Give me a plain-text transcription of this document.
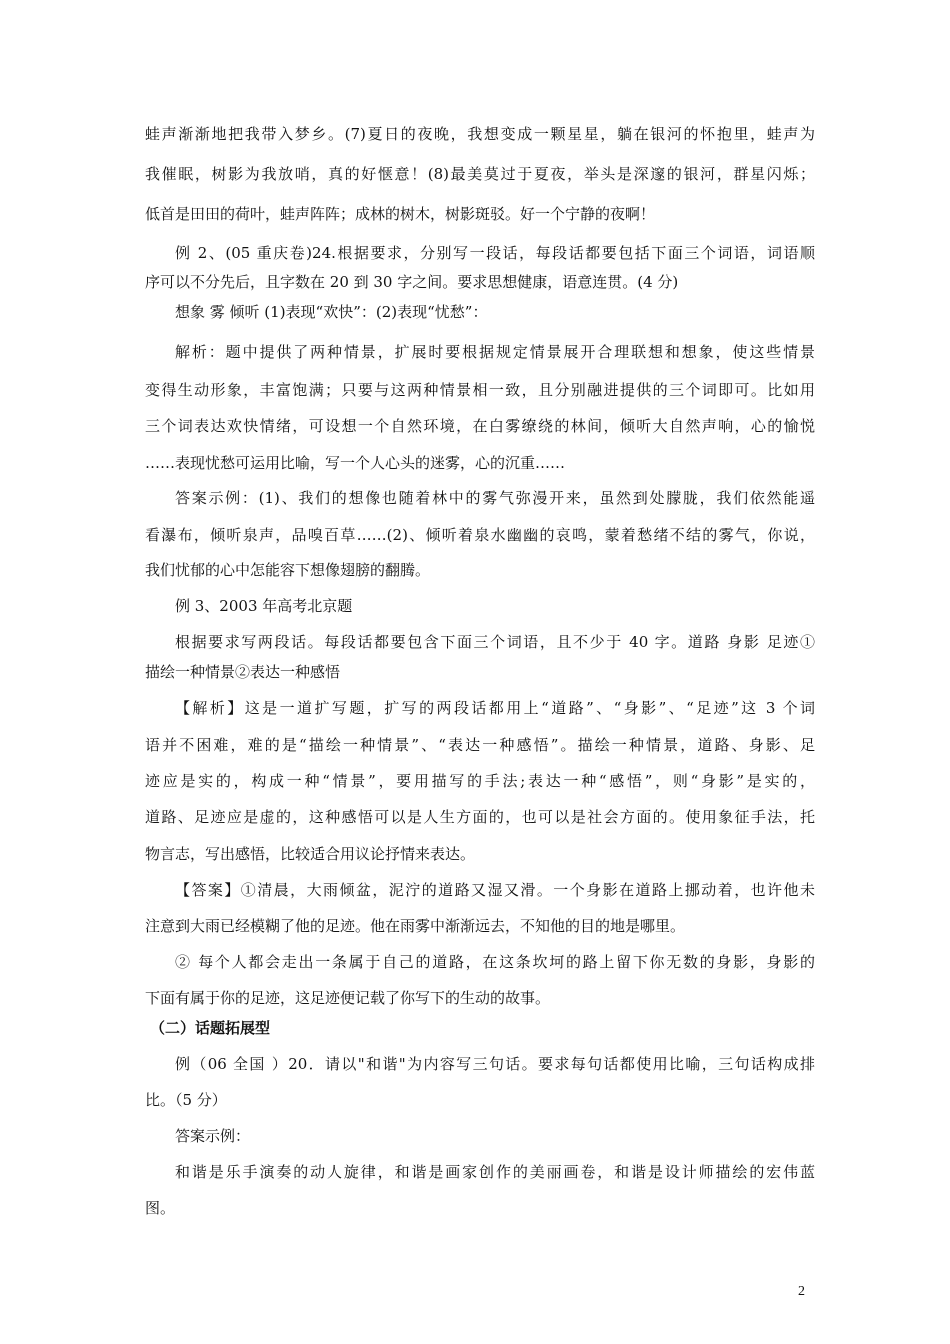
蛙声渐渐地把我带入梦乡。(7)夏日的夜晚，我想变成一颗星星，躺在银河的怀抱里，蛙声为
我催眠，树影为我放哨，真的好惬意！(8)最美莫过于夏夜，举头是深邃的银河，群星闪烁；
低首是田田的荷叶，蛙声阵阵；成林的树木，树影斑驳。好一个宁静的夜啊！
例 2、(05 重庆卷)24.根据要求，分别写一段话，每段话都要包括下面三个词语，词语顺
序可以不分先后，且字数在 20 到 30 字之间。要求思想健康，语意连贯。(4 分)
想象 雾 倾听 (1)表现“欢快”：(2)表现“忧愁”：
解析：题中提供了两种情景，扩展时要根据规定情景展开合理联想和想象，使这些情景
变得生动形象，丰富饱满；只要与这两种情景相一致，且分别融进提供的三个词即可。比如用
三个词表达欢快情绪，可设想一个自然环境，在白雾缭绕的林间，倾听大自然声响，心的愉悦
……表现忧愁可运用比喻，写一个人心头的迷雾，心的沉重……
答案示例：(1)、我们的想像也随着林中的雾气弥漫开来，虽然到处朦胧，我们依然能遥
看瀑布，倾听泉声，品嗅百草……(2)、倾听着泉水幽幽的哀鸣，蒙着愁绪不结的雾气，你说，
我们忧郁的心中怎能容下想像翅膀的翻腾。
例 3、2003 年高考北京题
根据要求写两段话。每段话都要包含下面三个词语，且不少于 40 字。道路 身影 足迹①
描绘一种情景②表达一种感悟
【解析】这是一道扩写题，扩写的两段话都用上“道路”、“身影”、“足迹”这 3 个词
语并不困难，难的是“描绘一种情景”、“表达一种感悟”。描绘一种情景，道路、身影、足
迹应是实的，构成一种“情景”，要用描写的手法;表达一种“感悟”，则“身影”是实的，
道路、足迹应是虚的，这种感悟可以是人生方面的，也可以是社会方面的。使用象征手法，托
物言志，写出感悟，比较适合用议论抒情来表达。
【答案】①清晨，大雨倾盆，泥泞的道路又湿又滑。一个身影在道路上挪动着，也许他未
注意到大雨已经模糊了他的足迹。他在雨雾中渐渐远去，不知他的目的地是哪里。
② 每个人都会走出一条属于自己的道路，在这条坎坷的路上留下你无数的身影，身影的
下面有属于你的足迹，这足迹便记载了你写下的生动的故事。
（二）话题拓展型
例（06 全国 ）20．请以"和谐"为内容写三句话。要求每句话都使用比喻，三句话构成排
比。（5 分）
答案示例：
和谐是乐手演奏的动人旋律，和谐是画家创作的美丽画卷，和谐是设计师描绘的宏伟蓝
图。
2
